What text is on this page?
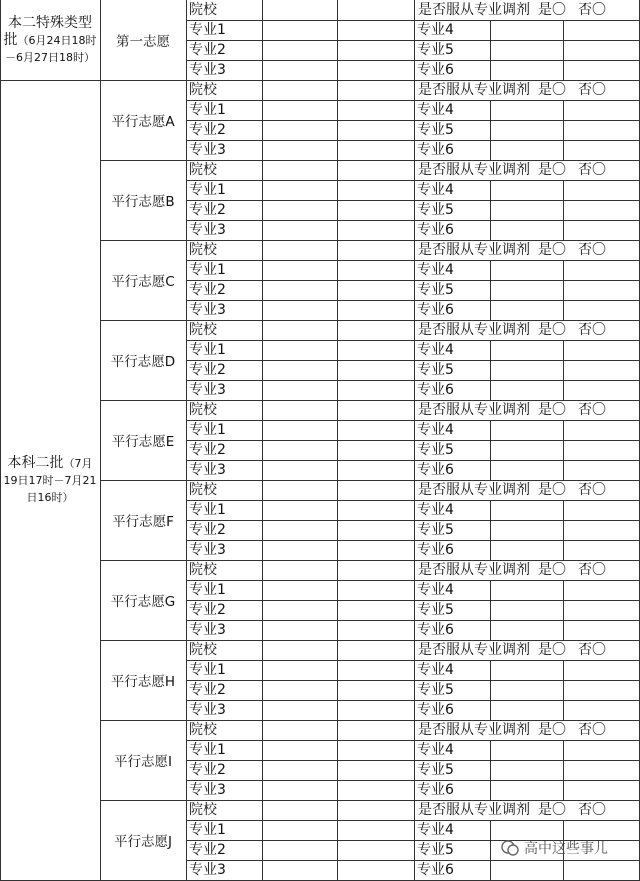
本二特殊类型批（6月24日18时－6月27日18时）
第一志愿
院校	是否服从专业调剂 是〇 否〇
专业1	专业4
专业2	专业5
专业3	专业6
本科二批（7月19日17时－7月21日16时）
平行志愿A
院校	是否服从专业调剂 是〇 否〇
专业1	专业4
专业2	专业5
专业3	专业6
平行志愿B
院校	是否服从专业调剂 是〇 否〇
专业1	专业4
专业2	专业5
专业3	专业6
平行志愿C
院校	是否服从专业调剂 是〇 否〇
专业1	专业4
专业2	专业5
专业3	专业6
平行志愿D
院校	是否服从专业调剂 是〇 否〇
专业1	专业4
专业2	专业5
专业3	专业6
平行志愿E
院校	是否服从专业调剂 是〇 否〇
专业1	专业4
专业2	专业5
专业3	专业6
平行志愿F
院校	是否服从专业调剂 是〇 否〇
专业1	专业4
专业2	专业5
专业3	专业6
平行志愿G
院校	是否服从专业调剂 是〇 否〇
专业1	专业4
专业2	专业5
专业3	专业6
平行志愿H
院校	是否服从专业调剂 是〇 否〇
专业1	专业4
专业2	专业5
专业3	专业6
平行志愿I
院校	是否服从专业调剂 是〇 否〇
专业1	专业4
专业2	专业5
专业3	专业6
平行志愿J
院校	是否服从专业调剂 是〇 否〇
专业1	专业4
专业2	专业5
专业3	专业6
高中这些事儿
